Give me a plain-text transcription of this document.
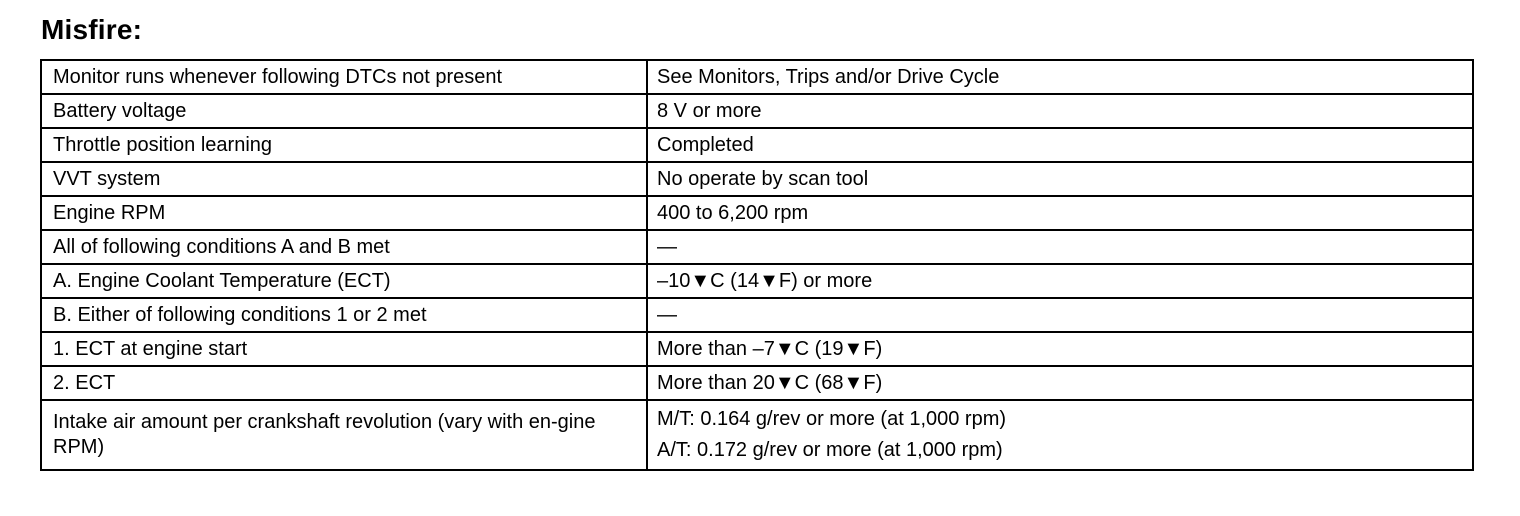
Misfire:
Monitor runs whenever following DTCs not present	See Monitors, Trips and/or Drive Cycle
Battery voltage	8 V or more
Throttle position learning	Completed
VVT system	No operate by scan tool
Engine RPM	400 to 6,200 rpm
All of following conditions A and B met	—
A. Engine Coolant Temperature (ECT)	–10▼C (14▼F) or more
B. Either of following conditions 1 or 2 met	—
1. ECT at engine start	More than –7▼C (19▼F)
2. ECT	More than 20▼C (68▼F)
Intake air amount per crankshaft revolution (vary with en-gine RPM)	M/T: 0.164 g/rev or more (at 1,000 rpm)
A/T: 0.172 g/rev or more (at 1,000 rpm)
